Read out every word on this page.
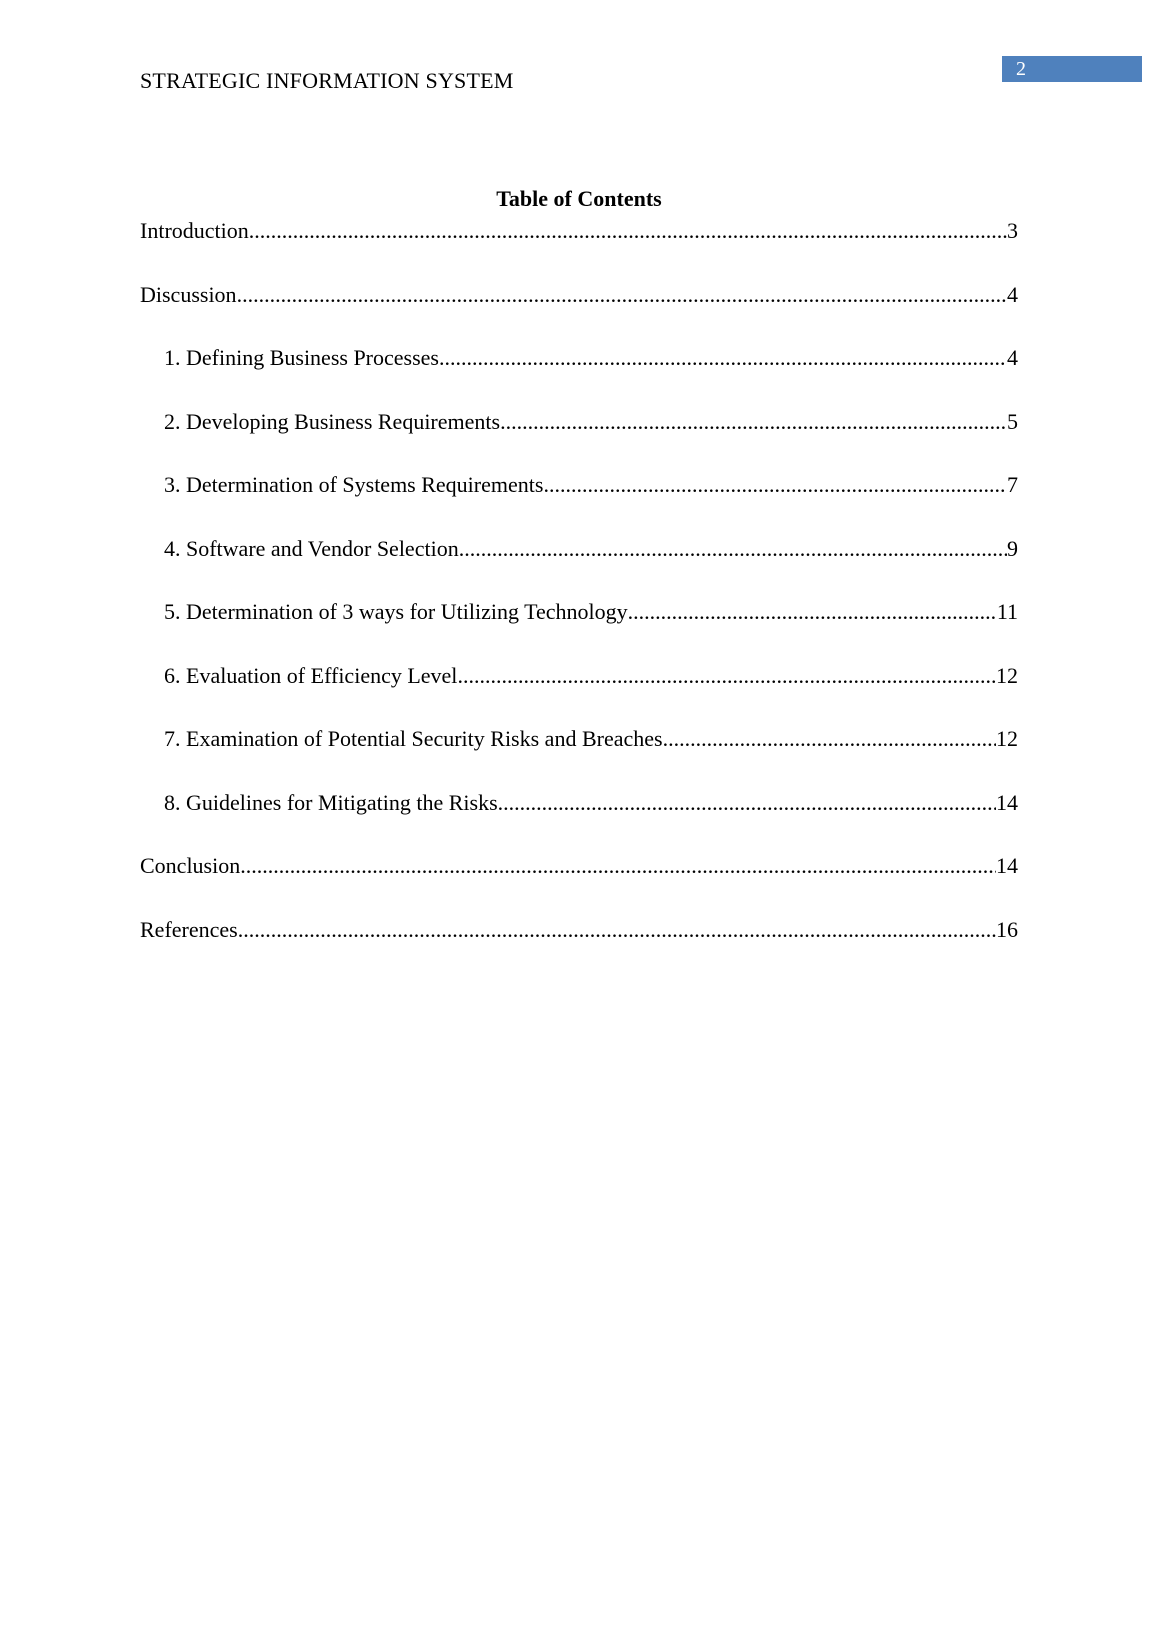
STRATEGIC INFORMATION SYSTEM	2
Table of Contents
Introduction .....	3
Discussion .....	4
1. Defining Business Processes .....	4
2. Developing Business Requirements .....	5
3. Determination of Systems Requirements .....	7
4. Software and Vendor Selection .....	9
5. Determination of 3 ways for Utilizing Technology .....	11
6. Evaluation of Efficiency Level .....	12
7. Examination of Potential Security Risks and Breaches .....	12
8. Guidelines for Mitigating the Risks .....	14
Conclusion .....	14
References .....	16
